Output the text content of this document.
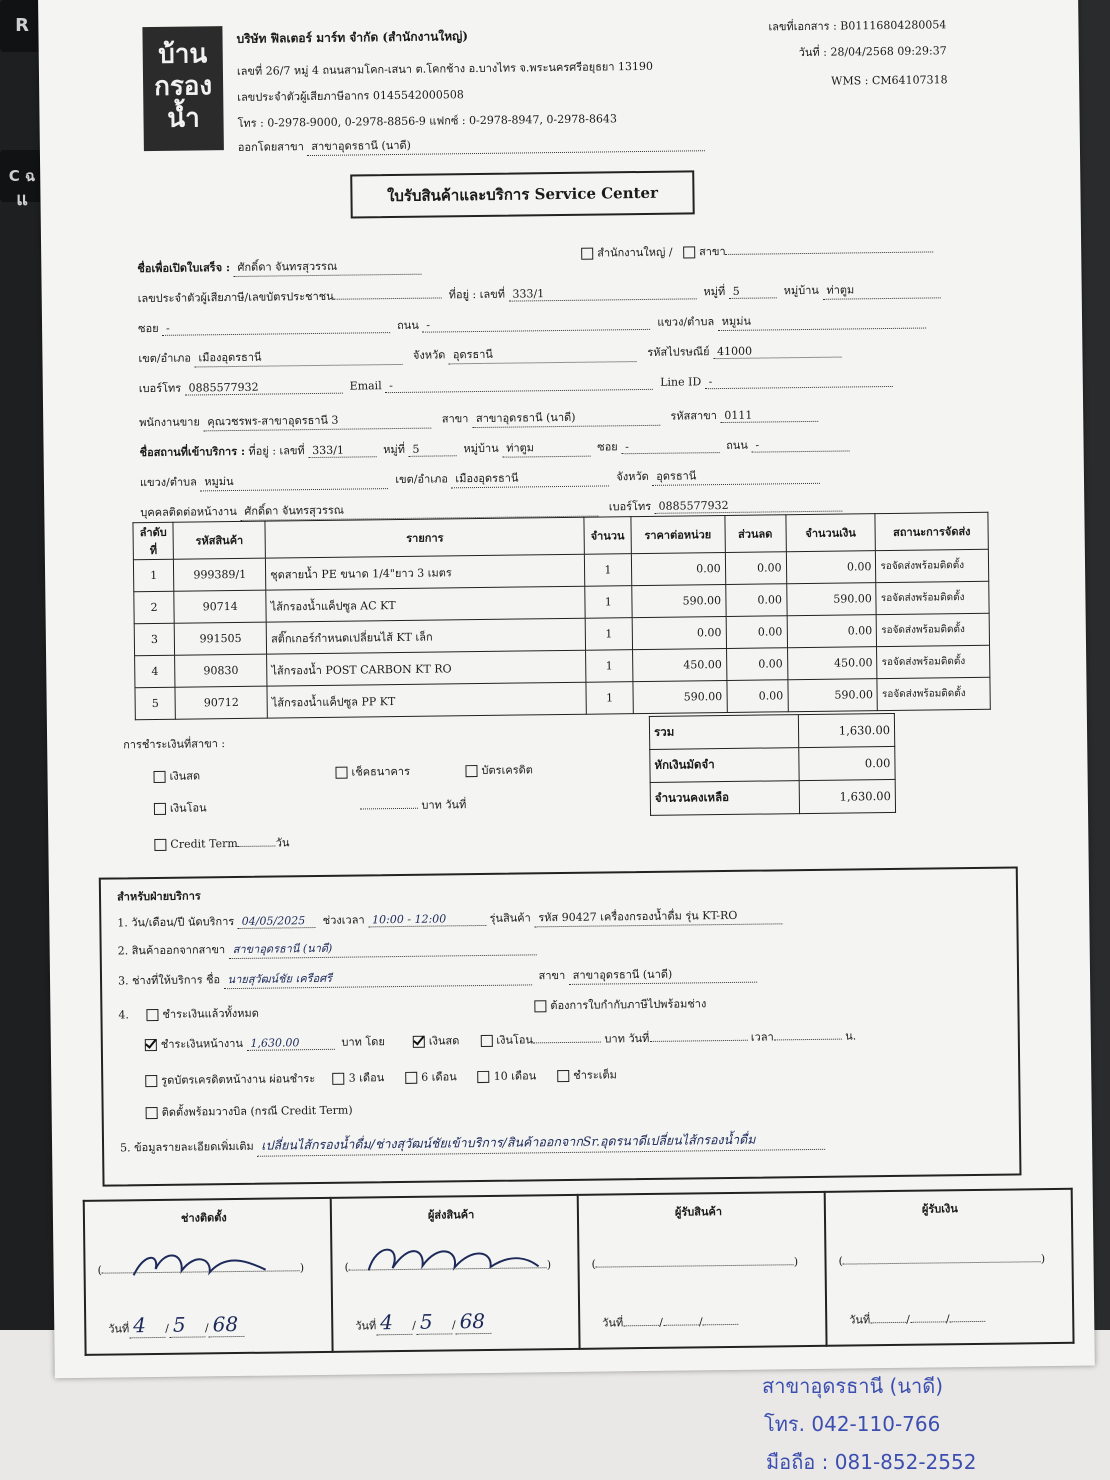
R
C ฉ
แ
บ้าน
กรอง
น้ำ
บริษัท ฟิลเตอร์ มาร์ท จำกัด (สำนักงานใหญ่)
เลขที่ 26/7 หมู่ 4 ถนนสามโคก-เสนา ต.โคกช้าง อ.บางไทร จ.พระนครศรีอยุธยา 13190
เลขประจำตัวผู้เสียภาษีอากร 0145542000508
โทร : 0-2978-9000, 0-2978-8856-9 แฟกซ์ : 0-2978-8947, 0-2978-8643
ออกโดยสาขา สาขาอุดรธานี (นาดี)
เลขที่เอกสาร : B01116804280054
วันที่ : 28/04/2568 09:29:37
WMS : CM64107318
ใบรับสินค้าและบริการ Service Center
ชื่อเพื่อเปิดใบเสร็จ : ศักดิ์ดา จันทรสุวรรณ
สำนักงานใหญ่ / สาขา
เลขประจำตัวผู้เสียภาษี/เลขบัตรประชาชน	ที่อยู่ : เลขที่ 333/1	หมู่ที่ 5	หมู่บ้าน ท่าตูม
ซอย -	ถนน -	แขวง/ตำบล หมูม่น
เขต/อำเภอ เมืองอุดรธานี	จังหวัด อุดรธานี	รหัสไปรษณีย์ 41000
เบอร์โทร 0885577932	Email -	Line ID -
พนักงานขาย คุณวชรพร-สาขาอุดรธานี 3	สาขา สาขาอุดรธานี (นาดี)	รหัสสาขา 0111
ชื่อสถานที่เข้าบริการ : ที่อยู่ : เลขที่ 333/1	หมู่ที่ 5	หมู่บ้าน ท่าตูม	ซอย -	ถนน -
แขวง/ตำบล หมูม่น	เขต/อำเภอ เมืองอุดรธานี	จังหวัด อุดรธานี
บุคคลติดต่อหน้างาน ศักดิ์ดา จันทรสุวรรณ	เบอร์โทร 0885577932
ลำดับที่	รหัสสินค้า	รายการ	จำนวน	ราคาต่อหน่วย	ส่วนลด	จำนวนเงิน	สถานะการจัดส่ง
1	999389/1	ชุดสายน้ำ PE ขนาด 1/4"ยาว 3 เมตร	1	0.00	0.00	0.00	รอจัดส่งพร้อมติดตั้ง
2	90714	ไส้กรองน้ำแค็ปซูล AC KT	1	590.00	0.00	590.00	รอจัดส่งพร้อมติดตั้ง
3	991505	สติ๊กเกอร์กำหนดเปลี่ยนไส้ KT เล็ก	1	0.00	0.00	0.00	รอจัดส่งพร้อมติดตั้ง
4	90830	ไส้กรองน้ำ POST CARBON KT RO	1	450.00	0.00	450.00	รอจัดส่งพร้อมติดตั้ง
5	90712	ไส้กรองน้ำแค็ปซูล PP KT	1	590.00	0.00	590.00	รอจัดส่งพร้อมติดตั้ง
การชำระเงินที่สาขา :
เงินสด	เช็คธนาคาร	บัตรเครดิต
เงินโอน	บาท วันที่
Credit Term	วัน
รวม	1,630.00
หักเงินมัดจำ	0.00
จำนวนคงเหลือ	1,630.00
สำหรับฝ่ายบริการ
1. วัน/เดือน/ปี นัดบริการ 04/05/2025 ช่วงเวลา 10:00 - 12:00	รุ่นสินค้า รหัส 90427 เครื่องกรองน้ำดื่ม รุ่น KT-RO
2. สินค้าออกจากสาขา สาขาอุดรธานี (นาดี)
3. ช่างที่ให้บริการ ชื่อ นายสุวัฒน์ชัย เครือศรี	สาขา สาขาอุดรธานี (นาดี)
4.	ชำระเงินแล้วทั้งหมด
ต้องการใบกำกับภาษีไปพร้อมช่าง
ชำระเงินหน้างาน 1,630.00	บาท โดย	เงินสด	เงินโอน	บาท วันที่	เวลา	น.
รูดบัตรเครดิตหน้างาน ผ่อนชำระ	3 เดือน	6 เดือน	10 เดือน	ชำระเต็ม
ติดตั้งพร้อมวางบิล (กรณี Credit Term)
5. ข้อมูลรายละเอียดเพิ่มเติม เปลี่ยนไส้กรองน้ำดื่ม/ช่างสุวัฒน์ชัยเข้าบริการ/สินค้าออกจากSr.อุดรนาดีเปลี่ยนไส้กรองน้ำดื่ม
ช่างติดตั้ง
(	)
วันที่ 4 / 5 / 68

ผู้ส่งสินค้า
(	)
วันที่ 4 / 5 / 68

ผู้รับสินค้า
(	)
วันที่	/	/

ผู้รับเงิน
(	)
วันที่	/	/
สาขาอุดรธานี (นาดี)
โทร. 042-110-766
มือถือ : 081-852-2552
